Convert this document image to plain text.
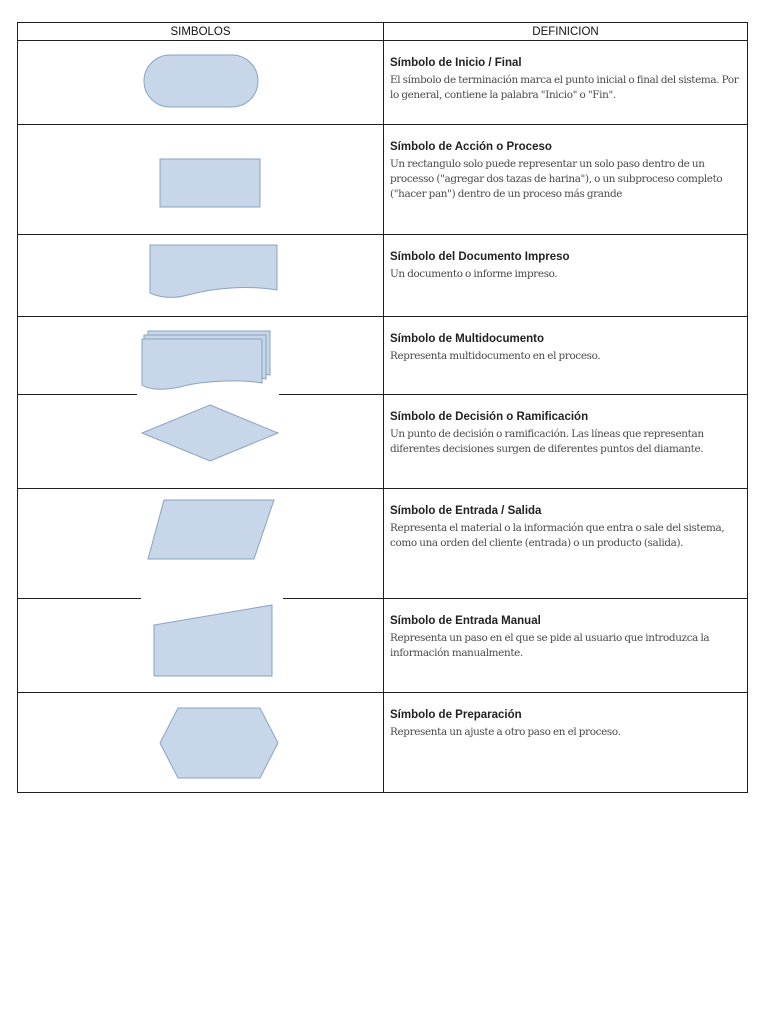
SIMBOLOS	DEFINICION

Símbolo de Inicio / Final
El símbolo de terminación marca el punto inicial o final del sistema. Por lo general, contiene la palabra "Inicio" o "Fin".

Símbolo de Acción o Proceso
Un rectangulo solo puede representar un solo paso dentro de un processo ("agregar dos tazas de harina"), o un subproceso completo ("hacer pan") dentro de un proceso más grande

Símbolo del Documento Impreso
Un documento o informe impreso.

Símbolo de Multidocumento
Representa multidocumento en el proceso.

Símbolo de Decisión o Ramificación
Un punto de decisión o ramificación. Las líneas que representan diferentes decisiones surgen de diferentes puntos del diamante.

Símbolo de Entrada / Salida
Representa el material o la información que entra o sale del sistema, como una orden del cliente (entrada) o un producto (salida).

Símbolo de Entrada Manual
Representa un paso en el que se pide al usuario que introduzca la información manualmente.

Símbolo de Preparación
Representa un ajuste a otro paso en el proceso.
